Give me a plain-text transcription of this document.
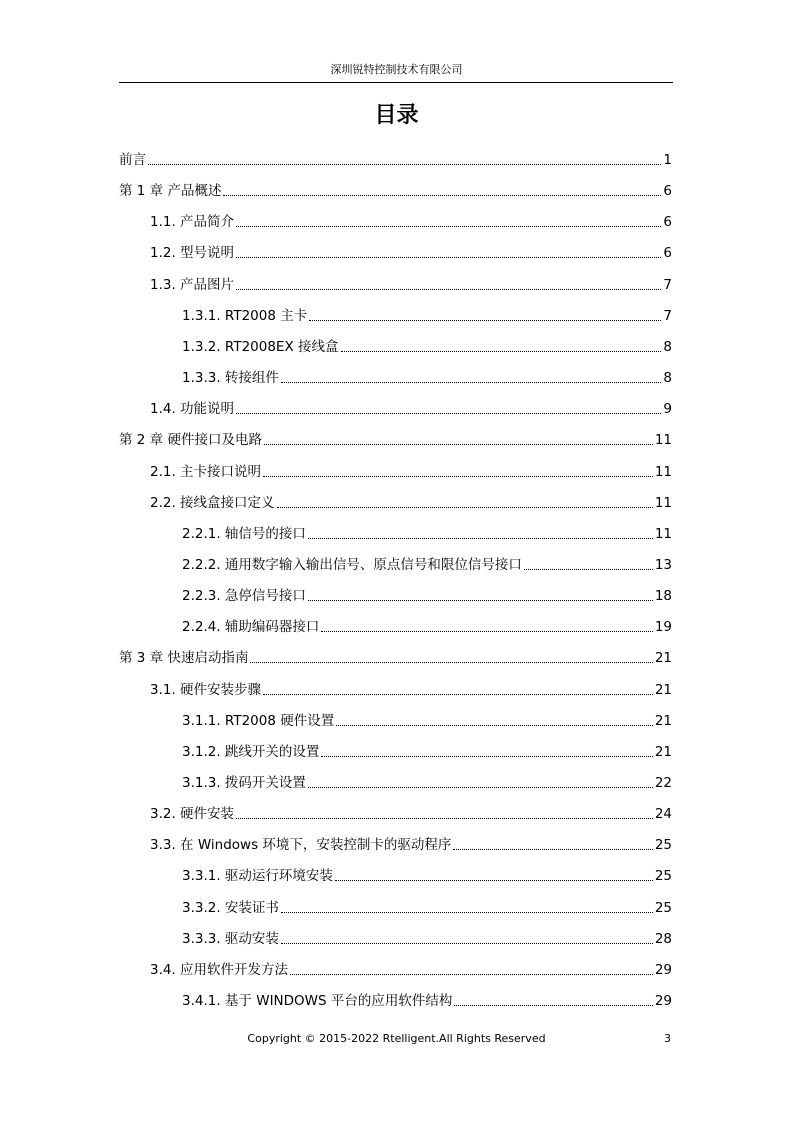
深圳锐特控制技术有限公司
目录
前言	1
第 1 章 产品概述	6
1.1. 产品简介	6
1.2. 型号说明	6
1.3. 产品图片	7
1.3.1. RT2008 主卡	7
1.3.2. RT2008EX 接线盒	8
1.3.3. 转接组件	8
1.4. 功能说明	9
第 2 章 硬件接口及电路	11
2.1. 主卡接口说明	11
2.2. 接线盒接口定义	11
2.2.1. 轴信号的接口	11
2.2.2. 通用数字输入输出信号、原点信号和限位信号接口	13
2.2.3. 急停信号接口	18
2.2.4. 辅助编码器接口	19
第 3 章 快速启动指南	21
3.1. 硬件安装步骤	21
3.1.1. RT2008 硬件设置	21
3.1.2. 跳线开关的设置	21
3.1.3. 拨码开关设置	22
3.2. 硬件安装	24
3.3. 在 Windows 环境下，安装控制卡的驱动程序	25
3.3.1. 驱动运行环境安装	25
3.3.2. 安装证书	25
3.3.3. 驱动安装	28
3.4. 应用软件开发方法	29
3.4.1. 基于 WINDOWS 平台的应用软件结构	29
Copyright © 2015-2022 Rtelligent.All Rights Reserved	3
